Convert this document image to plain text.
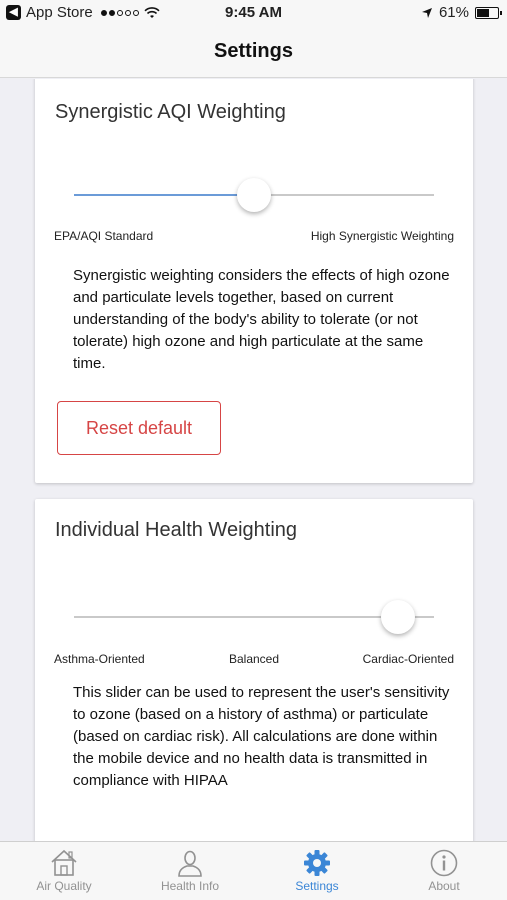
◀ App Store	9:45 AM	61%
Settings
Synergistic AQI Weighting
EPA/AQI Standard	High Synergistic Weighting
Synergistic weighting considers the effects of high ozone and particulate levels together, based on current understanding of the body's ability to tolerate (or not tolerate) high ozone and high particulate at the same time.
Reset default
Individual Health Weighting
Asthma-Oriented	Balanced	Cardiac-Oriented
This slider can be used to represent the user's sensitivity to ozone (based on a history of asthma) or particulate (based on cardiac risk). All calculations are done within the mobile device and no health data is transmitted in compliance with HIPAA
Air Quality	Health Info	Settings	About
